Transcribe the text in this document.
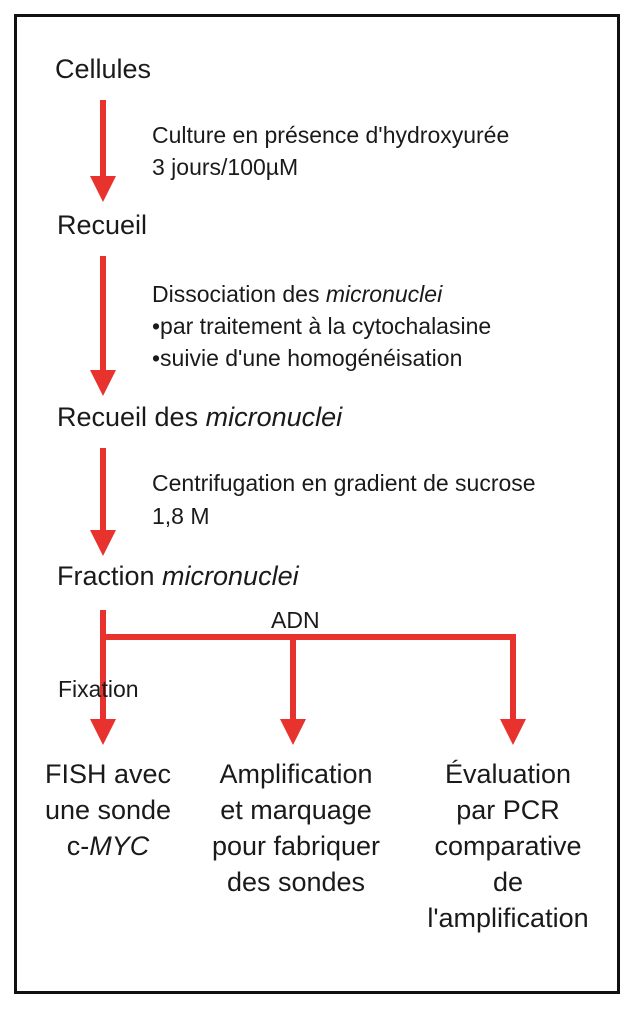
Cellules
Recueil
Recueil des micronuclei
Fraction micronuclei
Culture en présence d'hydroxyurée
3 jours/100µM
Dissociation des micronuclei
•par traitement à la cytochalasine
•suivie d'une homogénéisation
Centrifugation en gradient de sucrose
1,8 M
ADN
Fixation
FISH avec
une sonde
c-MYC
Amplification
et marquage
pour fabriquer
des sondes
Évaluation
par PCR
comparative
de
l'amplification
